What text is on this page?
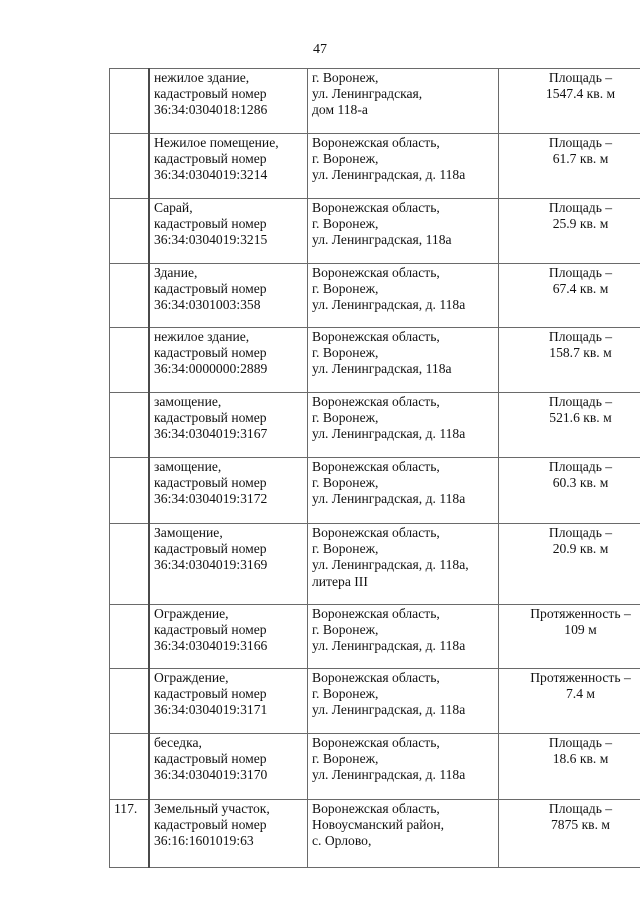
47

	нежилое здание,
кадастровый номер
36:34:0304018:1286	г. Воронеж,
ул. Ленинградская,
дом 118-а	Площадь –
1547.4 кв. м

	Нежилое помещение,
кадастровый номер
36:34:0304019:3214	Воронежская область,
г. Воронеж,
ул. Ленинградская, д. 118а	Площадь –
61.7 кв. м

	Сарай,
кадастровый номер
36:34:0304019:3215	Воронежская область,
г. Воронеж,
ул. Ленинградская, 118а	Площадь –
25.9 кв. м

	Здание,
кадастровый номер
36:34:0301003:358	Воронежская область,
г. Воронеж,
ул. Ленинградская, д. 118а	Площадь –
67.4 кв. м

	нежилое здание,
кадастровый номер
36:34:0000000:2889	Воронежская область,
г. Воронеж,
ул. Ленинградская, 118а	Площадь –
158.7 кв. м

	замощение,
кадастровый номер
36:34:0304019:3167	Воронежская область,
г. Воронеж,
ул. Ленинградская, д. 118а	Площадь –
521.6 кв. м

	замощение,
кадастровый номер
36:34:0304019:3172	Воронежская область,
г. Воронеж,
ул. Ленинградская, д. 118а	Площадь –
60.3 кв. м

	Замощение,
кадастровый номер
36:34:0304019:3169	Воронежская область,
г. Воронеж,
ул. Ленинградская, д. 118а,
литера III	Площадь –
20.9 кв. м

	Ограждение,
кадастровый номер
36:34:0304019:3166	Воронежская область,
г. Воронеж,
ул. Ленинградская, д. 118а	Протяженность –
109 м

	Ограждение,
кадастровый номер
36:34:0304019:3171	Воронежская область,
г. Воронеж,
ул. Ленинградская, д. 118а	Протяженность –
7.4 м

	беседка,
кадастровый номер
36:34:0304019:3170	Воронежская область,
г. Воронеж,
ул. Ленинградская, д. 118а	Площадь –
18.6 кв. м

117.	Земельный участок,
кадастровый номер
36:16:1601019:63	Воронежская область,
Новоусманский район,
с. Орлово,	Площадь –
7875 кв. м
